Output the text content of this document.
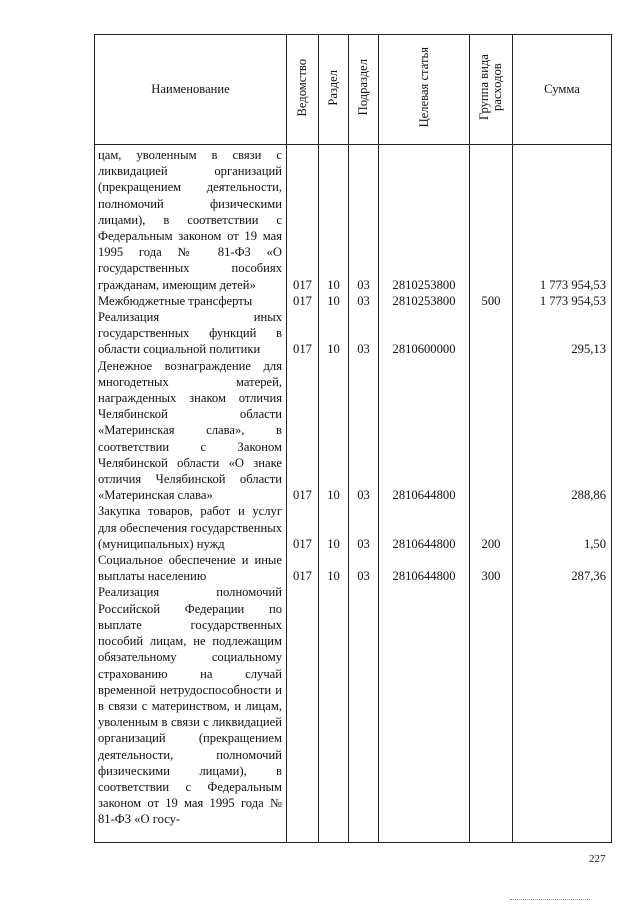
Наименование	Ведомство	Раздел	Подраздел	Целевая статья	Группа вида расходов	Сумма
цам, уволенным в связи с ликвидацией организаций (прекращением деятельности, полномочий физическими лицами), в соответствии с Федеральным законом от 19 мая 1995 года № 81-ФЗ «О государственных пособиях гражданам, имеющим детей»	017	10	03	2810253800		1 773 954,53
Межбюджетные трансферты	017	10	03	2810253800	500	1 773 954,53
Реализация иных государственных функций в области социальной политики	017	10	03	2810600000		295,13
Денежное вознаграждение для многодетных матерей, награжденных знаком отличия Челябинской области «Материнская слава», в соответствии с Законом Челябинской области «О знаке отличия Челябинской области «Материнская слава»	017	10	03	2810644800		288,86
Закупка товаров, работ и услуг для обеспечения государственных (муниципальных) нужд	017	10	03	2810644800	200	1,50
Социальное обеспечение и иные выплаты населению	017	10	03	2810644800	300	287,36
Реализация полномочий Российской Федерации по выплате государственных пособий лицам, не подлежащим обязательному социальному страхованию на случай временной нетрудоспособности и в связи с материнством, и лицам, уволенным в связи с ликвидацией организаций (прекращением деятельности, полномочий физическими лицами), в соответствии с Федеральным законом от 19 мая 1995 года № 81-ФЗ «О госу-						
227
